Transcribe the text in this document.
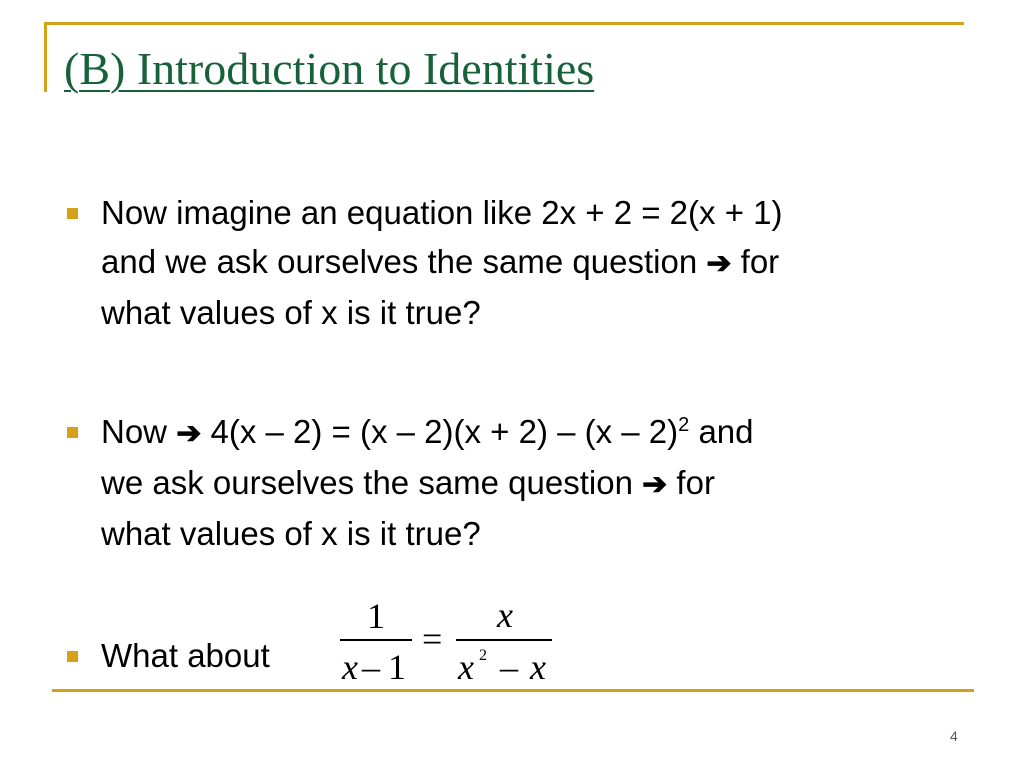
(B) Introduction to Identities
Now imagine an equation like 2x + 2 = 2(x + 1)
and we ask ourselves the same question ➔ for
what values of x is it true?
Now ➔ 4(x – 2) = (x – 2)(x + 2) – (x – 2)$^2$ and
we ask ourselves the same question ➔ for
what values of x is it true?
What about
1
x – 1
=
x
x 2 – x
4
